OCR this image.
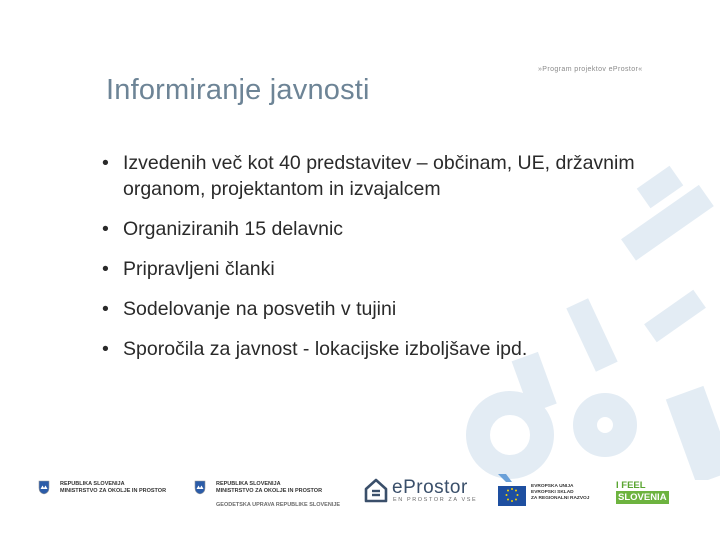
»Program projektov eProstor«
Informiranje javnosti
• Izvedenih več kot 40 predstavitev – občinam, UE, državnim organom, projektantom in izvajalcem
• Organiziranih 15 delavnic
• Pripravljeni članki
• Sodelovanje na posvetih v tujini
• Sporočila za javnost - lokacijske izboljšave ipd.
REPUBLIKA SLOVENIJA
MINISTRSTVO ZA OKOLJE IN PROSTOR
REPUBLIKA SLOVENIJA
MINISTRSTVO ZA OKOLJE IN PROSTOR
GEODETSKA UPRAVA REPUBLIKE SLOVENIJE
eProstor
EN PROSTOR ZA VSE
EVROPSKA UNIJA
EVROPSKI SKLAD
ZA REGIONALNI RAZVOJ
I FEEL
SLOVENIA
